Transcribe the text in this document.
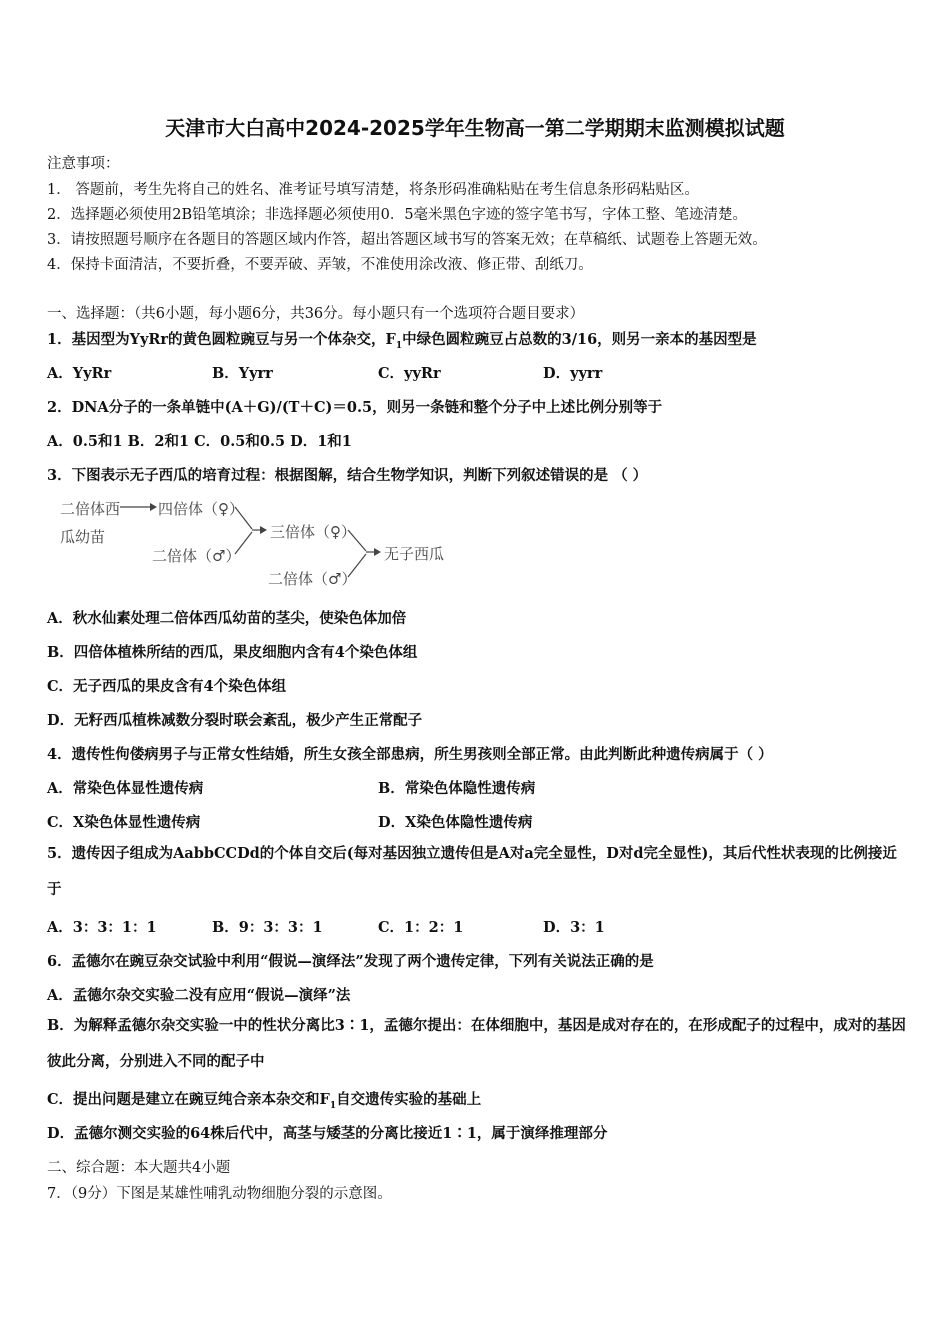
天津市大白高中2024-2025学年生物高一第二学期期末监测模拟试题
注意事项：
1． 答题前，考生先将自己的姓名、准考证号填写清楚，将条形码准确粘贴在考生信息条形码粘贴区。
2．选择题必须使用2B铅笔填涂；非选择题必须使用0．5毫米黑色字迹的签字笔书写，字体工整、笔迹清楚。
3．请按照题号顺序在各题目的答题区域内作答，超出答题区域书写的答案无效；在草稿纸、试题卷上答题无效。
4．保持卡面清洁，不要折叠，不要弄破、弄皱，不准使用涂改液、修正带、刮纸刀。
一、选择题：（共6小题，每小题6分，共36分。每小题只有一个选项符合题目要求）
1．基因型为YyRr的黄色圆粒豌豆与另一个体杂交，$F_1$中绿色圆粒豌豆占总数的3/16，则另一亲本的基因型是
A．YyRr	B．Yyrr	C．yyRr	D．yyrr
2．DNA分子的一条单链中(A＋G)/(T＋C)＝0.5，则另一条链和整个分子中上述比例分别等于
A．0.5和1 B．2和1 C．0.5和0.5 D．1和1
3．下图表示无子西瓜的培育过程：根据图解，结合生物学知识，判断下列叙述错误的是 （ ）
二倍体西
瓜幼苗
四倍体（♀）
二倍体（♂）
三倍体（♀）
二倍体（♂）
无子西瓜
A．秋水仙素处理二倍体西瓜幼苗的茎尖，使染色体加倍
B．四倍体植株所结的西瓜，果皮细胞内含有4个染色体组
C．无子西瓜的果皮含有4个染色体组
D．无籽西瓜植株减数分裂时联会紊乱，极少产生正常配子
4．遗传性佝偻病男子与正常女性结婚，所生女孩全部患病，所生男孩则全部正常。由此判断此种遗传病属于（ ）
A．常染色体显性遗传病	B．常染色体隐性遗传病
C．X染色体显性遗传病	D．X染色体隐性遗传病
5．遗传因子组成为AabbCCDd的个体自交后(每对基因独立遗传但是A对a完全显性，D对d完全显性)，其后代性状表现的比例接近于
A．3：3：1：1	B．9：3：3：1	C．1：2：1	D．3：1
6．孟德尔在豌豆杂交试验中利用“假说—演绎法”发现了两个遗传定律，下列有关说法正确的是
A．孟德尔杂交实验二没有应用“假说—演绎”法
B．为解释孟德尔杂交实验一中的性状分离比3∶1，孟德尔提出：在体细胞中，基因是成对存在的，在形成配子的过程中，成对的基因彼此分离，分别进入不同的配子中
C．提出问题是建立在豌豆纯合亲本杂交和$F_1$自交遗传实验的基础上
D．孟德尔测交实验的64株后代中，高茎与矮茎的分离比接近1∶1，属于演绎推理部分
二、综合题：本大题共4小题
7．（9分）下图是某雄性哺乳动物细胞分裂的示意图。
